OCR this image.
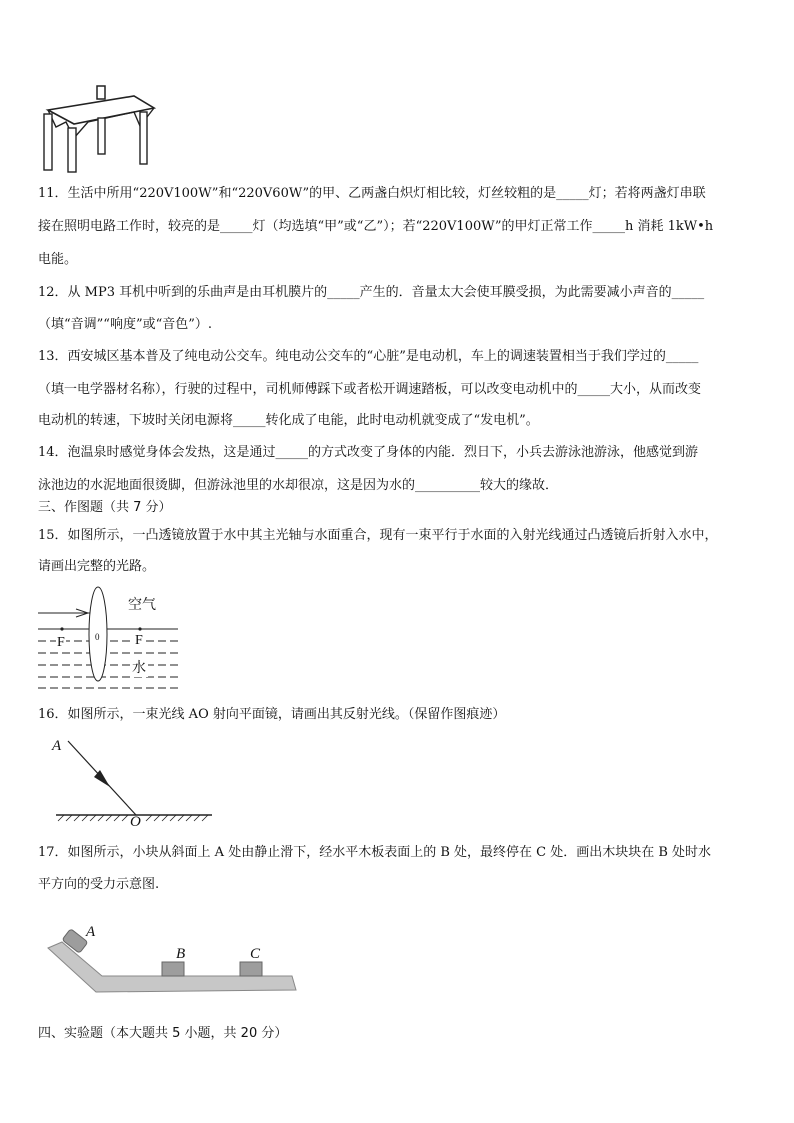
11．生活中所用“220V100W”和“220V60W”的甲、乙两盏白炽灯相比较，灯丝较粗的是_____灯；若将两盏灯串联
接在照明电路工作时，较亮的是_____灯（均选填“甲”或“乙”）；若“220V100W”的甲灯正常工作_____h 消耗 1kW•h
电能。
12．从 MP3 耳机中听到的乐曲声是由耳机膜片的_____产生的．音量太大会使耳膜受损，为此需要减小声音的_____
（填“音调”“响度”或“音色”）.
13．西安城区基本普及了纯电动公交车。纯电动公交车的“心脏”是电动机，车上的调速装置相当于我们学过的_____
（填一电学器材名称），行驶的过程中，司机师傅踩下或者松开调速踏板，可以改变电动机中的_____大小，从而改变
电动机的转速，下坡时关闭电源将_____转化成了电能，此时电动机就变成了“发电机”。
14．泡温泉时感觉身体会发热，这是通过_____的方式改变了身体的内能．烈日下，小兵去游泳池游泳，他感觉到游
泳池边的水泥地面很烫脚，但游泳池里的水却很凉，这是因为水的__________较大的缘故．
三、作图题（共 7 分）
15．如图所示，一凸透镜放置于水中其主光轴与水面重合，现有一束平行于水面的入射光线通过凸透镜后折射入水中，
请画出完整的光路。
空气
F	F
0
水
16．如图所示，一束光线 AO 射向平面镜，请画出其反射光线。（保留作图痕迹）
A
O
17．如图所示，小块从斜面上 A 处由静止滑下，经水平木板表面上的 B 处，最终停在 C 处．画出木块块在 B 处时水
平方向的受力示意图.
A
B	C
四、实验题（本大题共 5 小题，共 20 分）
